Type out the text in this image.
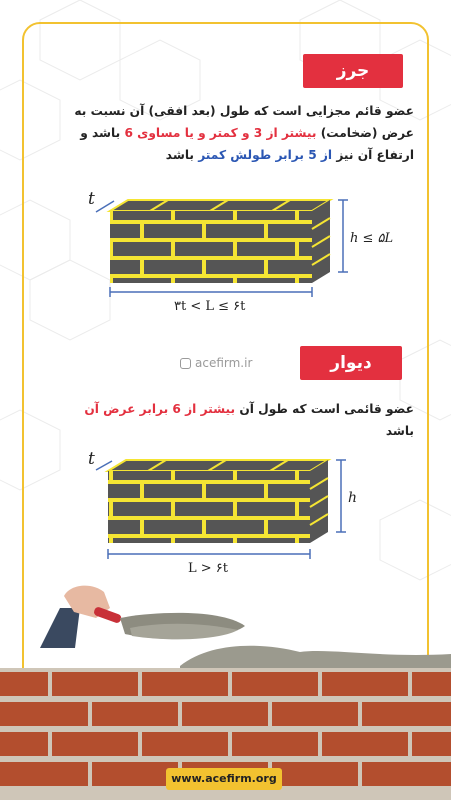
جرز
عضو قائم مجزایی است که طول (بعد افقی) آن نسبت به
عرض (ضخامت) بیشتر از 3 و کمتر و یا مساوی 6 باشد و
ارتفاع آن نیز از 5 برابر طولش کمتر باشد
t
h ≤ ۵L
۳t < L ≤ ۶t
acefirm.ir	دیوار
عضو قائمی است که طول آن بیشتر از 6 برابر عرض آن
باشد
t
h
L > ۶t
www.acefirm.org
